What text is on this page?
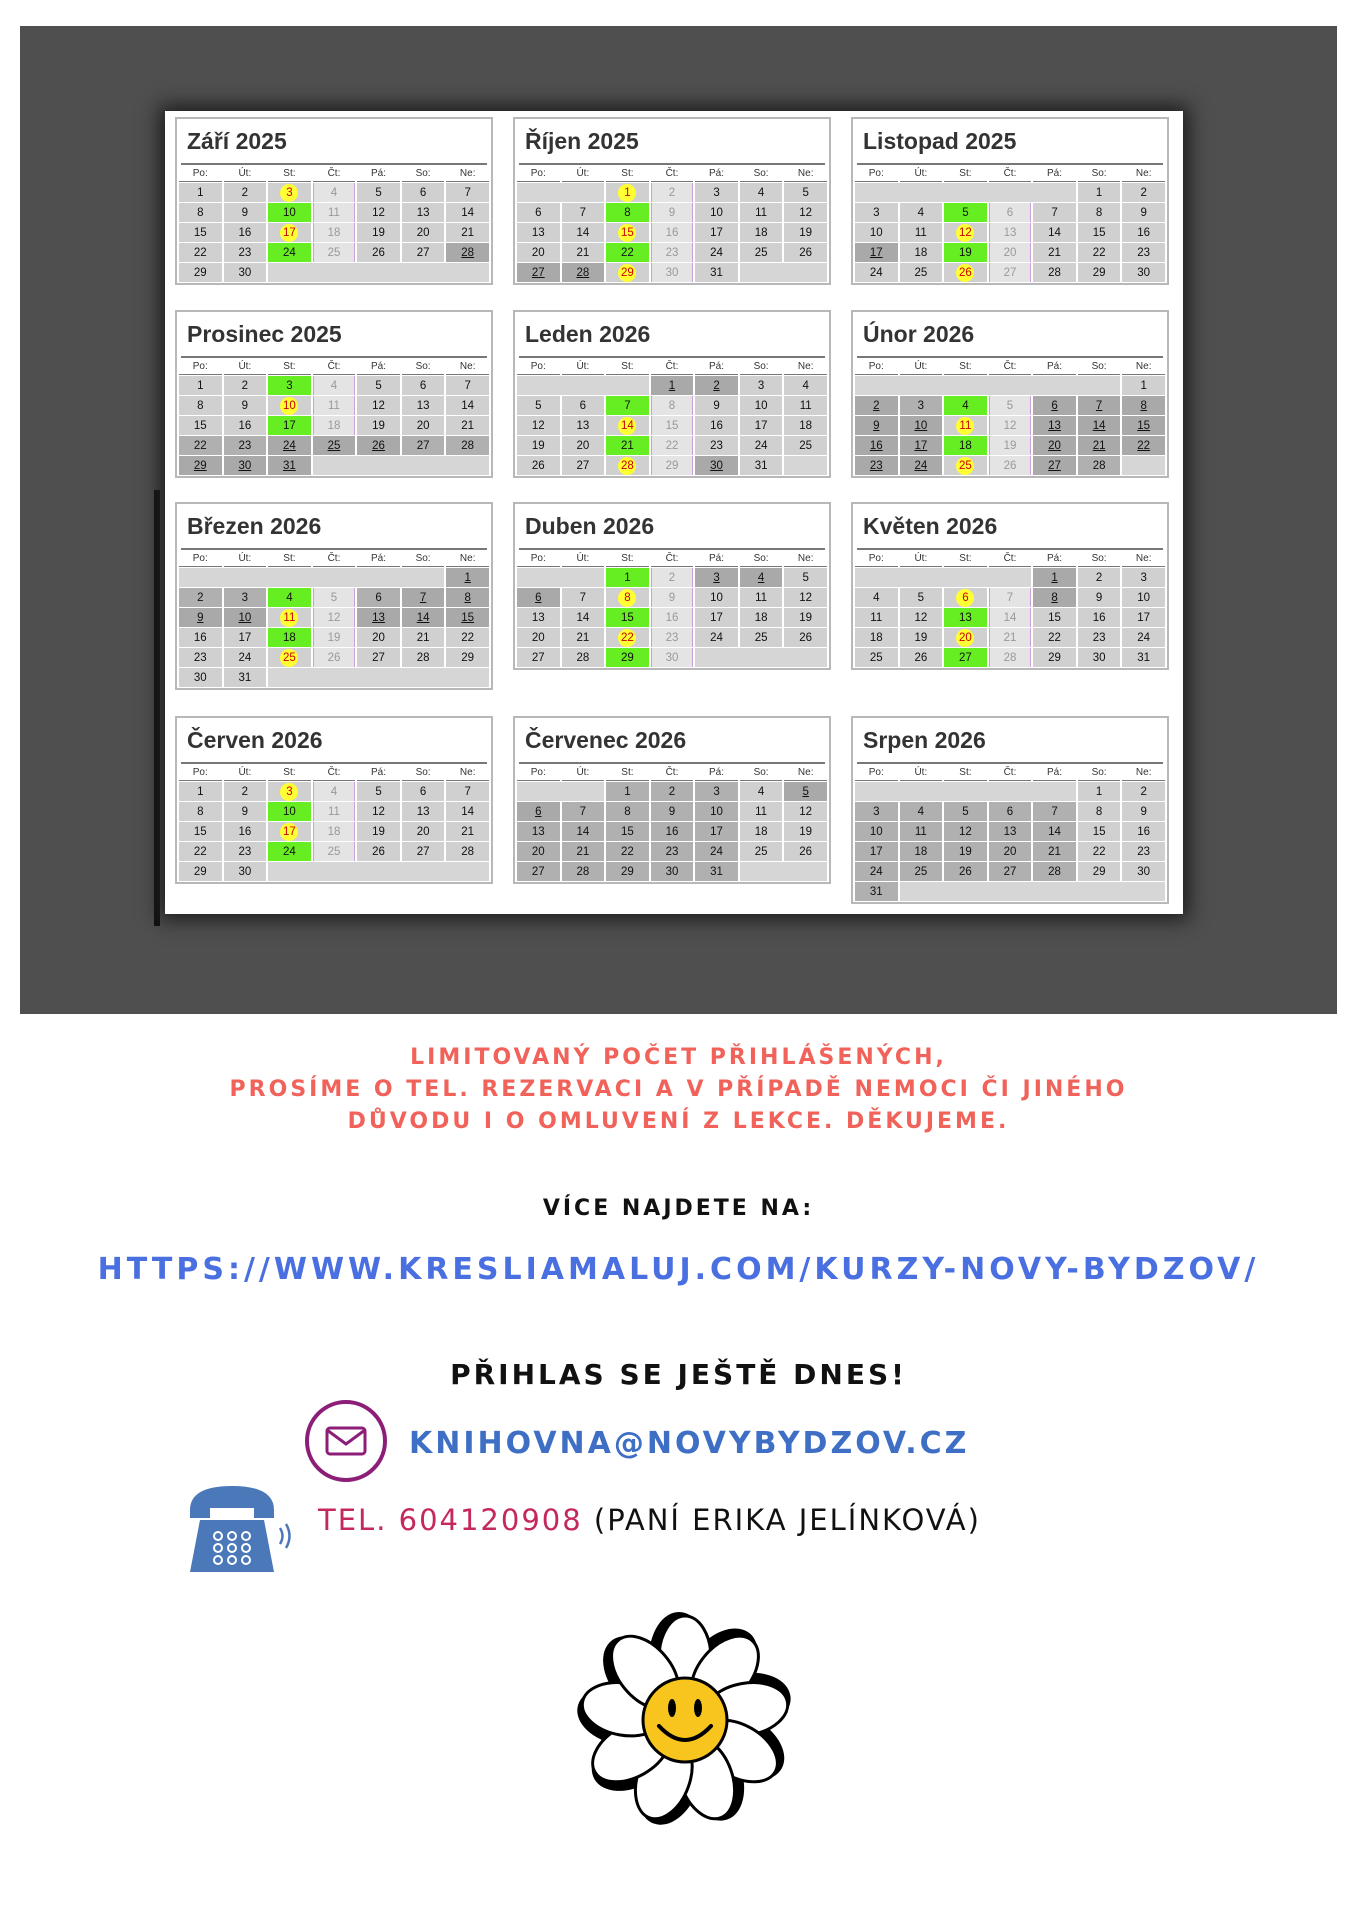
Září 2025
Po:	Út:	St:	Čt:	Pá:	So:	Ne:
1	2	3	4	5	6	7
8	9	10	11	12	13	14
15	16	17	18	19	20	21
22	23	24	25	26	27	28
29	30					
Říjen 2025
Po:	Út:	St:	Čt:	Pá:	So:	Ne:
		1	2	3	4	5
6	7	8	9	10	11	12
13	14	15	16	17	18	19
20	21	22	23	24	25	26
27	28	29	30	31		
Listopad 2025
Po:	Út:	St:	Čt:	Pá:	So:	Ne:
					1	2
3	4	5	6	7	8	9
10	11	12	13	14	15	16
17	18	19	20	21	22	23
24	25	26	27	28	29	30
Prosinec 2025
Po:	Út:	St:	Čt:	Pá:	So:	Ne:
1	2	3	4	5	6	7
8	9	10	11	12	13	14
15	16	17	18	19	20	21
22	23	24	25	26	27	28
29	30	31				
Leden 2026
Po:	Út:	St:	Čt:	Pá:	So:	Ne:
			1	2	3	4
5	6	7	8	9	10	11
12	13	14	15	16	17	18
19	20	21	22	23	24	25
26	27	28	29	30	31	
Únor 2026
Po:	Út:	St:	Čt:	Pá:	So:	Ne:
						1
2	3	4	5	6	7	8
9	10	11	12	13	14	15
16	17	18	19	20	21	22
23	24	25	26	27	28	
Březen 2026
Po:	Út:	St:	Čt:	Pá:	So:	Ne:
						1
2	3	4	5	6	7	8
9	10	11	12	13	14	15
16	17	18	19	20	21	22
23	24	25	26	27	28	29
30	31					
Duben 2026
Po:	Út:	St:	Čt:	Pá:	So:	Ne:
		1	2	3	4	5
6	7	8	9	10	11	12
13	14	15	16	17	18	19
20	21	22	23	24	25	26
27	28	29	30			
Květen 2026
Po:	Út:	St:	Čt:	Pá:	So:	Ne:
				1	2	3
4	5	6	7	8	9	10
11	12	13	14	15	16	17
18	19	20	21	22	23	24
25	26	27	28	29	30	31
Červen 2026
Po:	Út:	St:	Čt:	Pá:	So:	Ne:
1	2	3	4	5	6	7
8	9	10	11	12	13	14
15	16	17	18	19	20	21
22	23	24	25	26	27	28
29	30					
Červenec 2026
Po:	Út:	St:	Čt:	Pá:	So:	Ne:
		1	2	3	4	5
6	7	8	9	10	11	12
13	14	15	16	17	18	19
20	21	22	23	24	25	26
27	28	29	30	31		
Srpen 2026
Po:	Út:	St:	Čt:	Pá:	So:	Ne:
					1	2
3	4	5	6	7	8	9
10	11	12	13	14	15	16
17	18	19	20	21	22	23
24	25	26	27	28	29	30
31						
LIMITOVANÝ POČET PŘIHLÁŠENÝCH,
PROSÍME O TEL. REZERVACI A V PŘÍPADĚ NEMOCI ČI JINÉHO
DŮVODU I O OMLUVENÍ Z LEKCE. DĚKUJEME.
VÍCE NAJDETE NA:
HTTPS://WWW.KRESLIAMALUJ.COM/KURZY-NOVY-BYDZOV/
PŘIHLAS SE JEŠTĚ DNES!
KNIHOVNA@NOVYBYDZOV.CZ
TEL. 604120908 (PANÍ ERIKA JELÍNKOVÁ)
